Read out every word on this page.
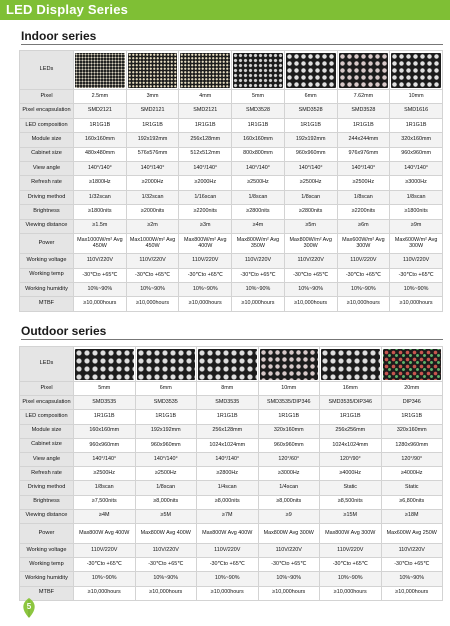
LED Display Series
Indoor series
LEDs	

Pixel	2.5mm	3mm	4mm	5mm	6mm	7.62mm	10mm
Pixel encapsulation	SMD2121	SMD2121	SMD2121	SMD3528	SMD3528	SMD3528	SMD1616
LED composition	1R1G1B	1R1G1B	1R1G1B	1R1G1B	1R1G1B	1R1G1B	1R1G1B
Module size	160x160mm	192x192mm	256x128mm	160x160mm	192x192mm	244x244mm	320x160mm
Cabinet size	480x480mm	576x576mm	512x512mm	800x800mm	960x960mm	976x976mm	960x960mm
View angle	140°/140°	140°/140°	140°/140°	140°/140°	140°/140°	140°/140°	140°/140°
Refresh rate	≥1800Hz	≥2000Hz	≥2000Hz	≥2500Hz	≥2500Hz	≥2500Hz	≥3000Hz
Driving method	1/32scan	1/32scan	1/16scan	1/8scan	1/8scan	1/8scan	1/8scan
Brightness	≥1800nits	≥2000nits	≥2200nits	≥2800nits	≥2800nits	≥2200nits	≥1800nits
Viewing distance	≥1.5m	≥2m	≥3m	≥4m	≥5m	≥6m	≥9m
Power	Max1000W/m² Avg 450W	Max1000W/m² Avg 450W	Max800W/m² Avg 400W	Max800W/m² Avg 350W	Max800W/m² Avg 300W	Max600W/m² Avg 300W	Max600W/m² Avg 300W
Working voltage	110V/220V	110V/220V	110V/220V	110V/220V	110V/220V	110V/220V	110V/220V
Working temp	-30℃to +65℃	-30℃to +65℃	-30℃to +65℃	-30℃to +65℃	-30℃to +65℃	-30℃to +65℃	-30℃to +65℃
Working humidity	10%~90%	10%~90%	10%~90%	10%~90%	10%~90%	10%~90%	10%~90%
MTBF	≥10,000hours	≥10,000hours	≥10,000hours	≥10,000hours	≥10,000hours	≥10,000hours	≥10,000hours
Outdoor series
LEDs	

Pixel	5mm	6mm	8mm	10mm	16mm	20mm
Pixel encapsulation	SMD3535	SMD3535	SMD3535	SMD3535/DIP346	SMD3535/DIP346	DIP346
LED composition	1R1G1B	1R1G1B	1R1G1B	1R1G1B	1R1G1B	1R1G1B
Module size	160x160mm	192x192mm	256x128mm	320x160mm	256x256mm	320x160mm
Cabinet size	960x960mm	960x960mm	1024x1024mm	960x960mm	1024x1024mm	1280x960mm
View angle	140°/140°	140°/140°	140°/140°	120°/60°	120°/90°	120°/90°
Refresh rate	≥2500Hz	≥2500Hz	≥2800Hz	≥3000Hz	≥4000Hz	≥4000Hz
Driving method	1/8scan	1/8scan	1/4scan	1/4scan	Static	Static
Brightness	≥7,500nits	≥8,000nits	≥8,000nits	≥8,000nits	≥8,500nits	≥6,800nits
Viewing distance	≥4M	≥5M	≥7M	≥9	≥15M	≥18M
Power	Max800W Avg 400W	Max800W Avg 400W	Max800W Avg 400W	Max800W Avg 300W	Max800W Avg 300W	Max600W Avg 250W
Working voltage	110V/220V	110V/220V	110V/220V	110V/220V	110V/220V	110V/220V
Working temp	-30℃to +65℃	-30℃to +65℃	-30℃to +65℃	-30℃to +65℃	-30℃to +65℃	-30℃to +65℃
Working humidity	10%~90%	10%~90%	10%~90%	10%~90%	10%~90%	10%~90%
MTBF	≥10,000hours	≥10,000hours	≥10,000hours	≥10,000hours	≥10,000hours	≥10,000hours
5
